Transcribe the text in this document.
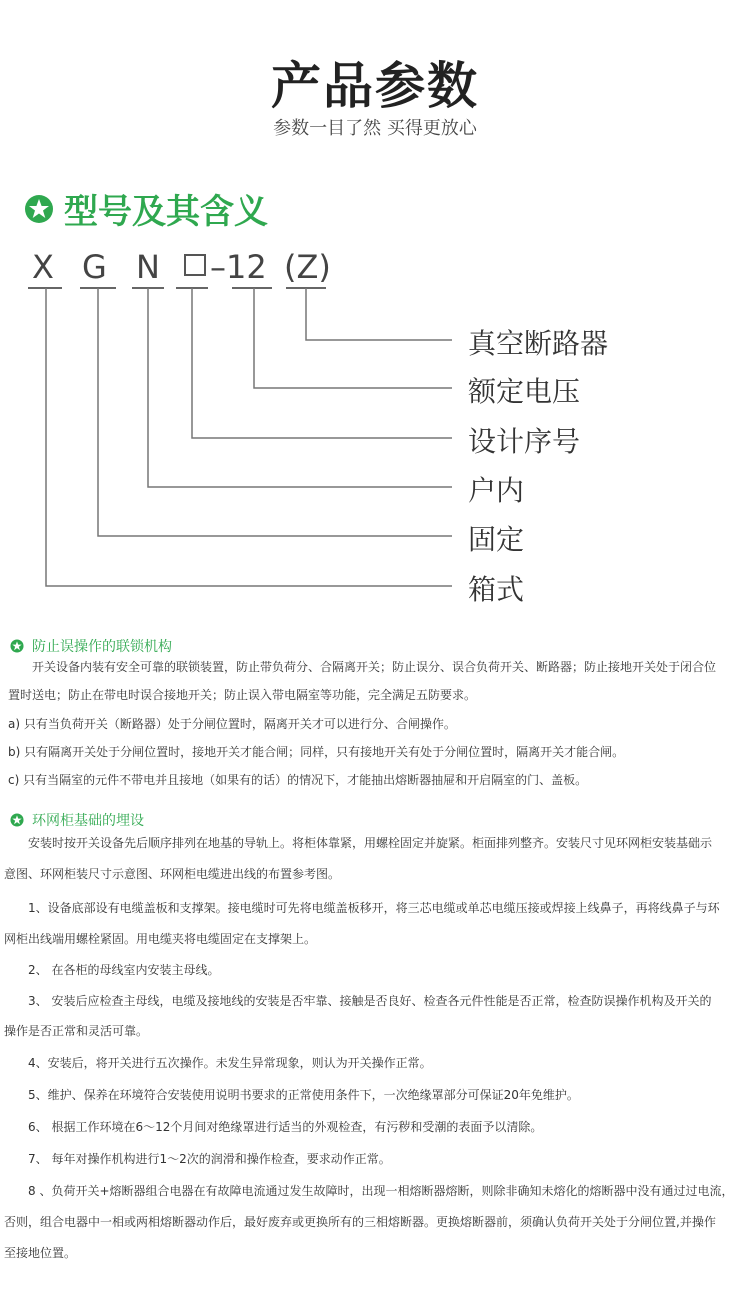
产品参数
参数一目了然 买得更放心
型号及其含义
X G N –12 (Z)
真空断路器
额定电压
设计序号
户内
固定
箱式
防止误操作的联锁机构
开关设备内装有安全可靠的联锁装置，防止带负荷分、合隔离开关；防止误分、误合负荷开关、断路器；防止接地开关处于闭合位
置时送电；防止在带电时误合接地开关；防止误入带电隔室等功能，完全满足五防要求。
a) 只有当负荷开关（断路器）处于分闸位置时，隔离开关才可以进行分、合闸操作。
b) 只有隔离开关处于分闸位置时，接地开关才能合闸；同样，只有接地开关有处于分闸位置时，隔离开关才能合闸。
c) 只有当隔室的元件不带电并且接地（如果有的话）的情况下，才能抽出熔断器抽屉和开启隔室的门、盖板。
环网柜基础的埋设
安装时按开关设备先后顺序排列在地基的导轨上。将柜体靠紧，用螺栓固定并旋紧。柜面排列整齐。安装尺寸见环网柜安装基础示
意图、环网柜装尺寸示意图、环网柜电缆进出线的布置参考图。
1、设备底部设有电缆盖板和支撑架。接电缆时可先将电缆盖板移开，将三芯电缆或单芯电缆压接或焊接上线鼻子，再将线鼻子与环
网柜出线端用螺栓紧固。用电缆夹将电缆固定在支撑架上。
2、 在各柜的母线室内安装主母线。
3、 安装后应检查主母线，电缆及接地线的安装是否牢靠、接触是否良好、检查各元件性能是否正常，检查防误操作机构及开关的
操作是否正常和灵活可靠。
4、安装后，将开关进行五次操作。未发生异常现象，则认为开关操作正常。
5、维护、保养在环境符合安装使用说明书要求的正常使用条件下，一次绝缘罩部分可保证20年免维护。
6、 根据工作环境在6～12个月间对绝缘罩进行适当的外观检查，有污秽和受潮的表面予以清除。
7、 每年对操作机构进行1～2次的润滑和操作检查，要求动作正常。
8 、负荷开关+熔断器组合电器在有故障电流通过发生故障时，出现一相熔断器熔断，则除非确知未熔化的熔断器中没有通过过电流，
否则，组合电器中一相或两相熔断器动作后，最好废弃或更换所有的三相熔断器。更换熔断器前，须确认负荷开关处于分闸位置,并操作
至接地位置。
